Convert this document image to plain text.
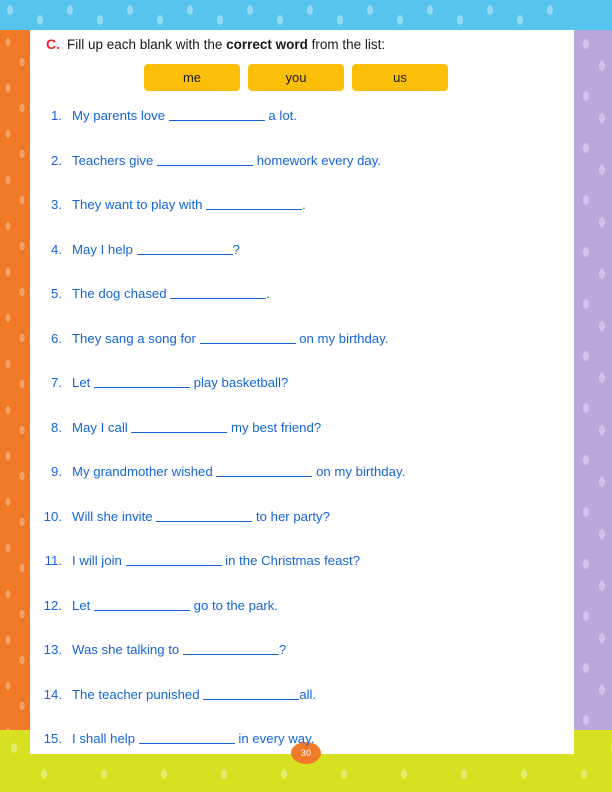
30
C. Fill up each blank with the correct word from the list:
me	you	us
1. My parents love	a lot.
2. Teachers give	homework every day.
3. They want to play with	.
4. May I help	?
5. The dog chased	.
6. They sang a song for	on my birthday.
7. Let	play basketball?
8. May I call	my best friend?
9. My grandmother wished	on my birthday.
10. Will she invite	to her party?
11. I will join	in the Christmas feast?
12. Let	go to the park.
13. Was she talking to	?
14. The teacher punished	all.
15. I shall help	in every way.
